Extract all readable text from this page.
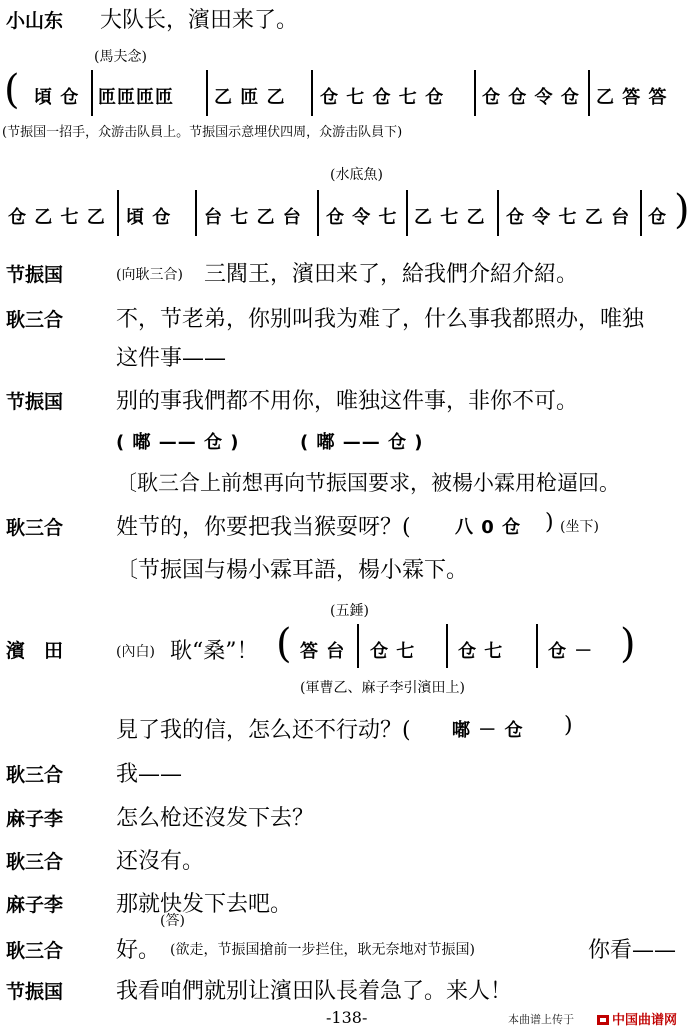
小山东 大队长，濱田来了。
(馬夫念)
( 頃 仓 匝匝匝匝 乙 匝 乙 仓 七 仓 七 仓 仓 仓 令 仓 乙 答 答
(节振国一招手，众游击队員上。节振国示意埋伏四周，众游击队員下)
(水底魚)
仓 乙 七 乙 頃 仓 台 七 乙 台 仓 令 七 乙 七 乙 仓 令 七 乙 台 仓 )
节振国	(向耿三合) 三閻王，濱田来了，給我們介紹介紹。
耿三合 不，节老弟，你别叫我为难了，什么事我都照办，唯独
这件事——
节振国 别的事我們都不用你，唯独这件事，非你不可。
( 嘟 —— 仓 )	( 嘟 —— 仓 )
〔耿三合上前想再向节振国要求，被楊小霖用枪逼回。
耿三合 姓节的，你要把我当猴耍呀？( 八 0 仓 ) (坐下)
〔节振国与楊小霖耳語，楊小霖下。
(五錘)
濱　田	(內白) 耿“桑”！ ( 答 台 仓 七 仓 七 仓 － )
(軍曹乙、麻子李引濱田上)
見了我的信，怎么还不行动？( 嘟 － 仓 )
耿三合 我——
麻子李 怎么枪还沒发下去？
耿三合 还沒有。
麻子李 那就快发下去吧。
(答)
耿三合 好。 (欲走，节振国搶前一步拦住，耿无奈地对节振国)	你看——
节振国 我看咱們就别让濱田队長着急了。来人！
-138-	本曲谱上传于	中国曲谱网
